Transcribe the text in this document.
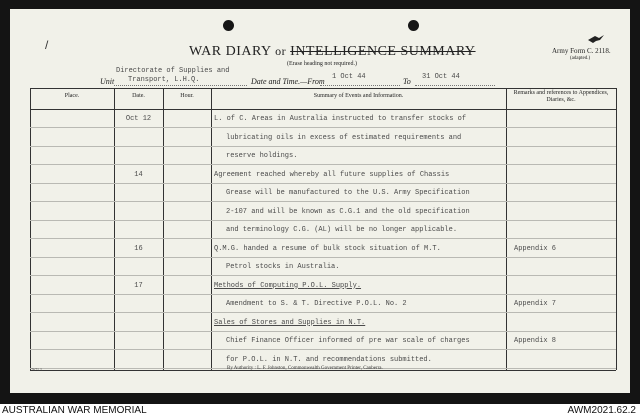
/	WAR DIARY or INTELLIGENCE SUMMARY
(Erase heading not required.)
Army Form C. 2118.
(adapted.)
Unit
Directorate of Supplies and
Transport, L.H.Q.	Date and Time.—From 1 Oct 44	To 31 Oct 44
Place.	Date.	Hour.	Summary of Events and Information.	Remarks and references to Appendices, Diaries, &c.
Oct 12	L. of C. Areas in Australia instructed to transfer stocks of
lubricating oils in excess of estimated requirements and
reserve holdings.
14	Agreement reached whereby all future supplies of Chassis
Grease will be manufactured to the U.S. Army Specification
2-107 and will be known as C.G.1 and the old specification
and terminology C.G. (AL) will be no longer applicable.
16	Q.M.G. handed a resume of bulk stock situation of M.T.	Appendix 6
Petrol stocks in Australia.
17	Methods of Computing P.O.L. Supply.
Amendment to S. & T. Directive P.O.L. No. 2	Appendix 7
Sales of Stores and Supplies in N.T.
Chief Finance Officer informed of pre war scale of charges	Appendix 8
for P.O.L. in N.T. and recommendations submitted.
7671.1.	By Authority : L. F. Johnston, Commonwealth Government Printer, Canberra.
AUSTRALIAN WAR MEMORIAL	AWM2021.62.2
